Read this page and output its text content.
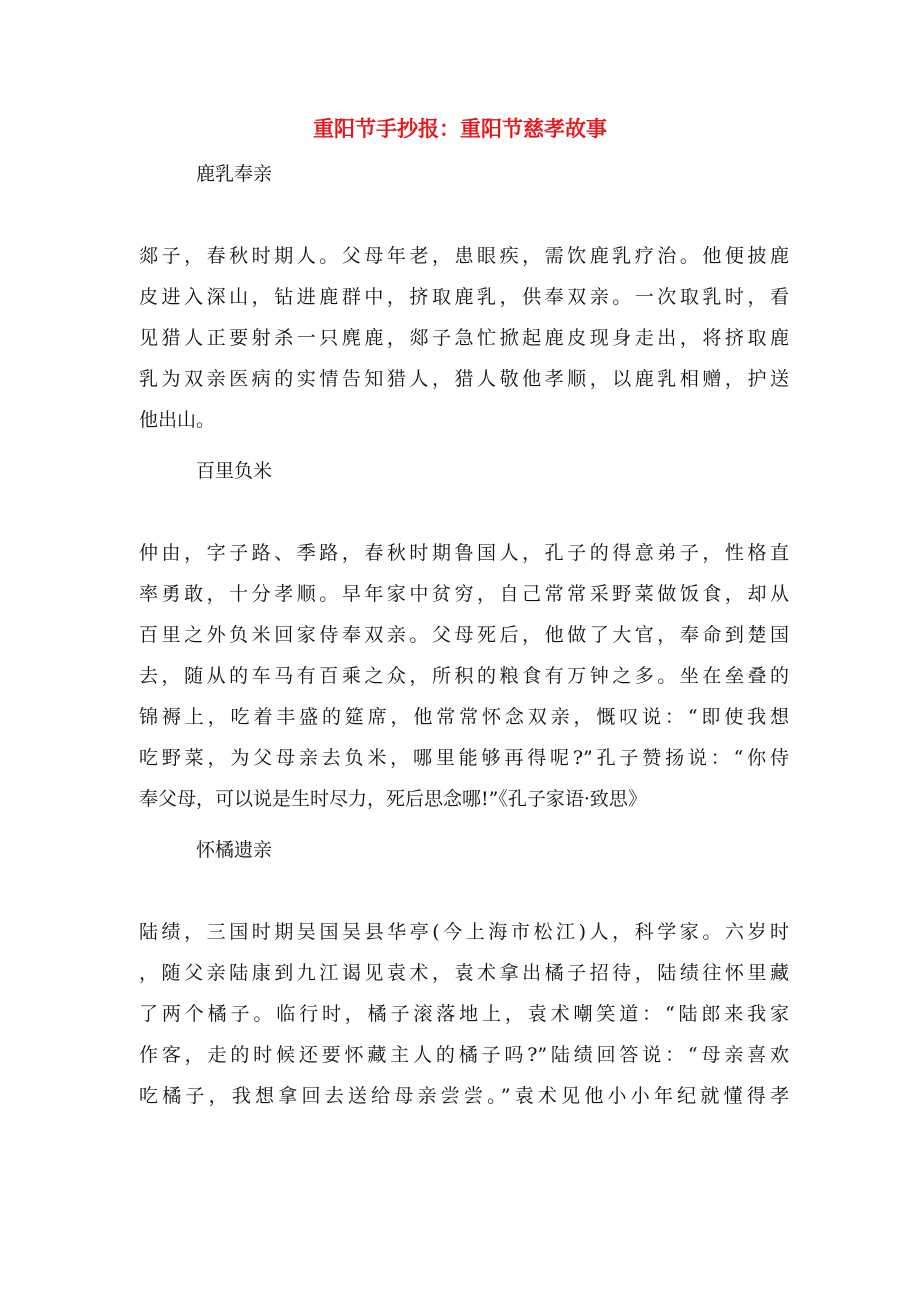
重阳节手抄报：重阳节慈孝故事
鹿乳奉亲
郯子，春秋时期人。父母年老，患眼疾，需饮鹿乳疗治。他便披鹿
皮进入深山，钻进鹿群中，挤取鹿乳，供奉双亲。一次取乳时，看
见猎人正要射杀一只麂鹿，郯子急忙掀起鹿皮现身走出，将挤取鹿
乳为双亲医病的实情告知猎人，猎人敬他孝顺，以鹿乳相赠，护送
他出山。
百里负米
仲由，字子路、季路，春秋时期鲁国人，孔子的得意弟子，性格直
率勇敢，十分孝顺。早年家中贫穷，自己常常采野菜做饭食，却从
百里之外负米回家侍奉双亲。父母死后，他做了大官，奉命到楚国
去，随从的车马有百乘之众，所积的粮食有万钟之多。坐在垒叠的
锦褥上，吃着丰盛的筵席，他常常怀念双亲，慨叹说：“即使我想
吃野菜，为父母亲去负米，哪里能够再得呢?”孔子赞扬说：“你侍
奉父母，可以说是生时尽力，死后思念哪!”《孔子家语·致思》
怀橘遗亲
陆绩，三国时期吴国吴县华亭(今上海市松江)人，科学家。六岁时
，随父亲陆康到九江谒见袁术，袁术拿出橘子招待，陆绩往怀里藏
了两个橘子。临行时，橘子滚落地上，袁术嘲笑道：“陆郎来我家
作客，走的时候还要怀藏主人的橘子吗?”陆绩回答说：“母亲喜欢
吃橘子，我想拿回去送给母亲尝尝。”袁术见他小小年纪就懂得孝
